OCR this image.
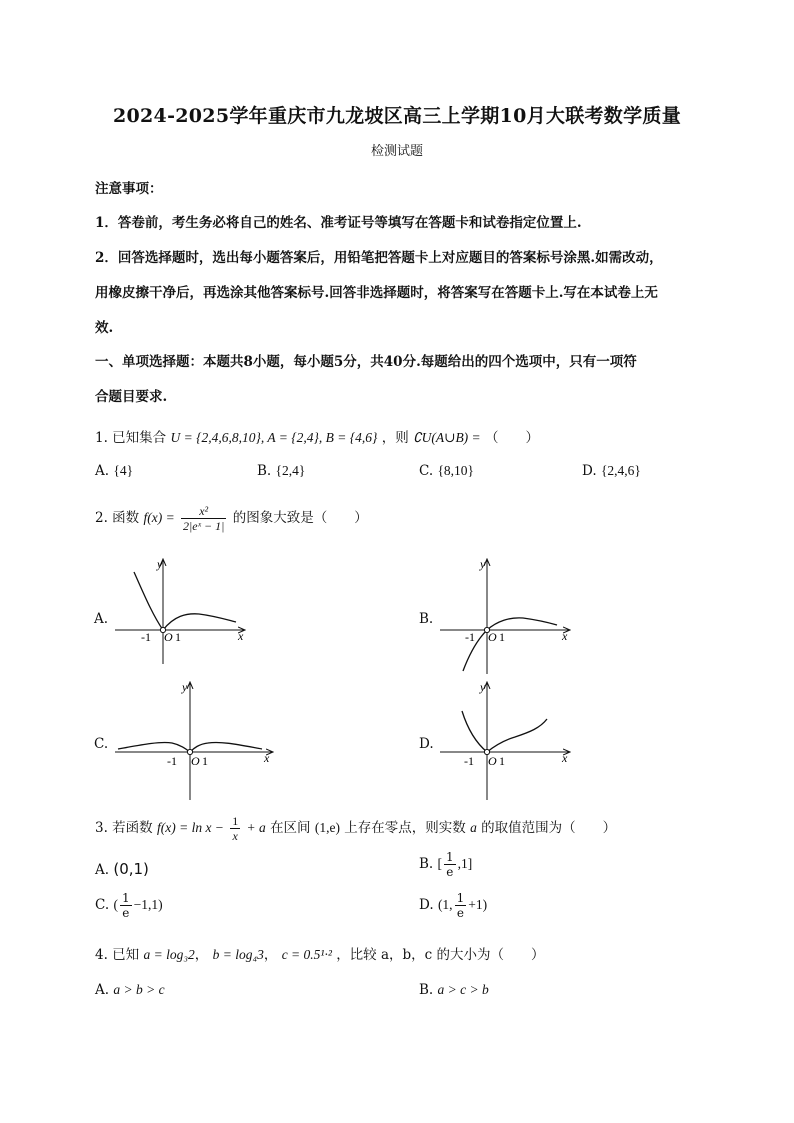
2024-2025学年重庆市九龙坡区高三上学期10月大联考数学质量
检测试题
注意事项：
1．答卷前，考生务必将自己的姓名、准考证号等填写在答题卡和试卷指定位置上.
2．回答选择题时，选出每小题答案后，用铅笔把答题卡上对应题目的答案标号涂黑.如需改动，
用橡皮擦干净后，再选涂其他答案标号.回答非选择题时，将答案写在答题卡上.写在本试卷上无
效.
一、单项选择题：本题共8小题，每小题5分，共40分.每题给出的四个选项中，只有一项符
合题目要求.
1. 已知集合 U = {2,4,6,8,10}, A = {2,4}, B = {4,6} ，则 ∁U(A∪B) = （　　）
A. {4}	B. {2,4}	C. {8,10}	D. {2,4,6}
2. 函数 $f(x) = \frac{\text{x²}}{\text{2|eˣ − 1|}}$ 的图象大致是（　　）
A.	B.
C.	D.
y
x
-1 O 1
y
x
-1 O 1
y
x
-1 O 1
y
x
-1 O 1
3. 若函数 $f(x) = \ln x - \frac{1}{x} + a$ 在区间 (1,e) 上存在零点，则实数 a 的取值范围为（　　）
A. (0,1)	B. [ $\frac{1}{e} ,1$]
C. ( $\frac{1}{e} -1,1$)	D. (1, $\frac{1}{e} +1$)
4. 已知 a = log₃2， b = log₄3， c = 0.5¹·² ，比较 a，b，c 的大小为（　　）
A. a > b > c	B. a > c > b
